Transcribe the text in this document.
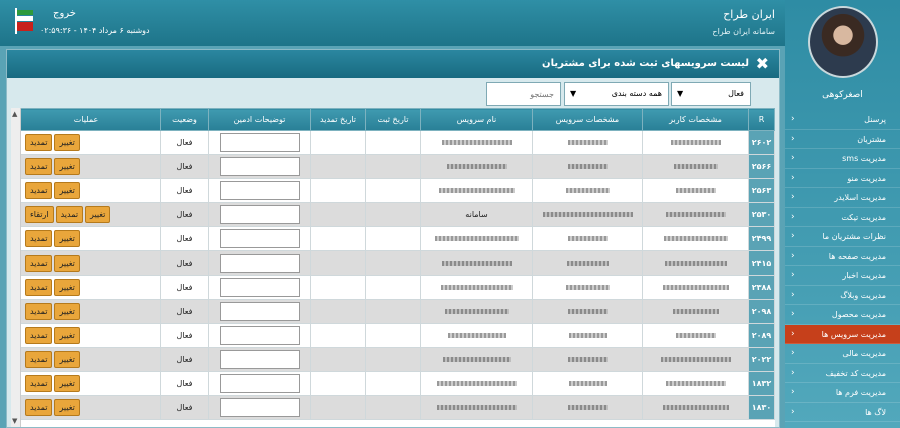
خروج
دوشنبه ۶ مرداد ۱۴۰۴ - ۰۲:۵۹:۳۶
ایران طراح
سامانه ایران طراح
اصغرکوهی
پرسنل
‹
مشتریان
‹
مدیریت sms
‹
مدیریت منو
‹
مدیریت اسلایدر
‹
مدیریت تیکت
‹
نظرات مشتریان ما
‹
مدیریت صفحه ها
‹
مدیریت اخبار
‹
مدیریت وبلاگ
‹
مدیریت محصول
‹
مدیریت سرویس ها
‹
مدیریت مالی
‹
مدیریت کد تخفیف
‹
مدیریت فرم ها
‹
لاگ ها
‹
✖
لیست سرویسهای ثبت شده برای مشتریان
فعال
▼
همه دسته بندی
▼
جستجو
R	مشخصات کاربر	مشخصات سرویس	نام سرویس	تاریخ ثبت	تاریخ تمدید	توضیحات ادمین	وضعیت	عملیات
۲۶۰۲							فعال	تغییرتمدید
۲۵۶۶							فعال	تغییرتمدید
۲۵۶۳							فعال	تغییرتمدید
۲۵۳۰			سامانه				فعال	تغییرتمدیدارتقاء
۲۴۹۹							فعال	تغییرتمدید
۲۴۱۵							فعال	تغییرتمدید
۲۳۸۸							فعال	تغییرتمدید
۲۰۹۸							فعال	تغییرتمدید
۲۰۸۹							فعال	تغییرتمدید
۲۰۲۲							فعال	تغییرتمدید
۱۸۳۲							فعال	تغییرتمدید
۱۸۳۰							فعال	تغییرتمدید
▲
▼
